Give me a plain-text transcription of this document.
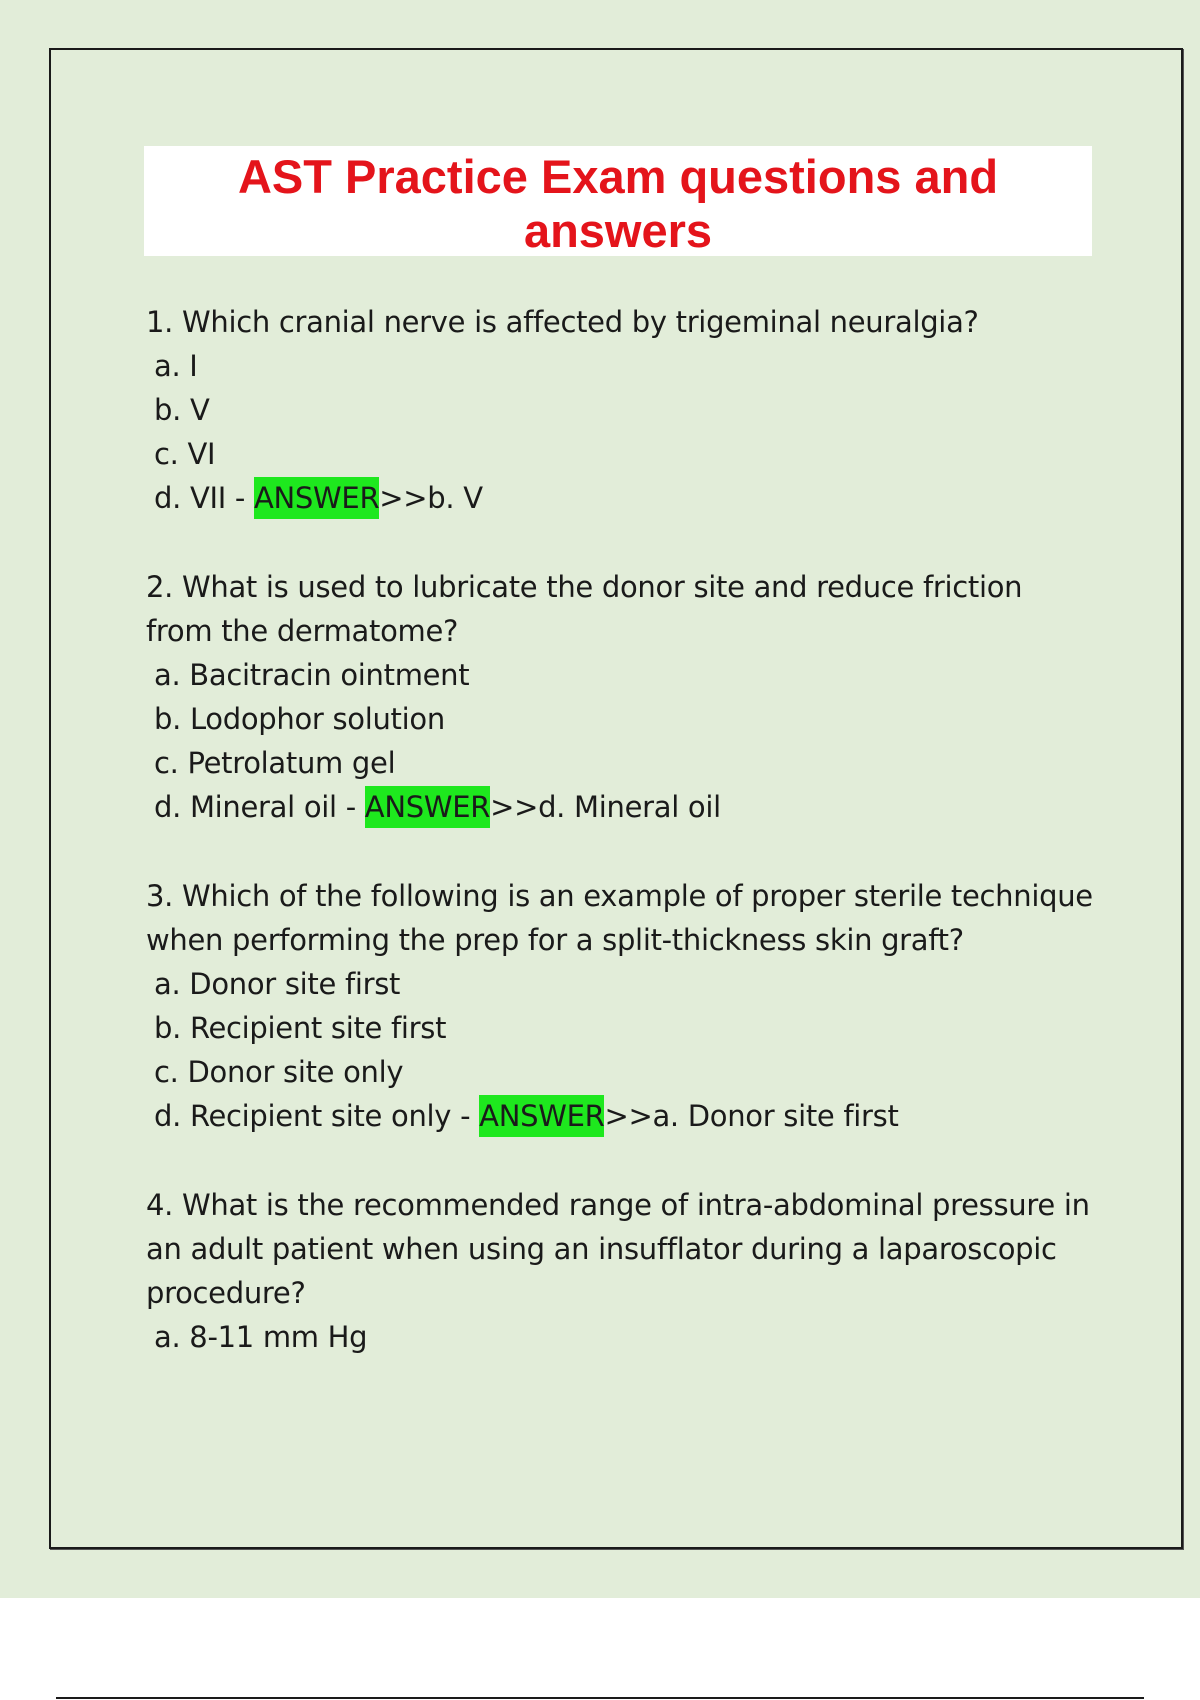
AST Practice Exam questions and answers

1. Which cranial nerve is affected by trigeminal neuralgia?

a. I

b. V

c. VI

d. VII - ANSWER>>b. V

2. What is used to lubricate the donor site and reduce friction from the dermatome?

a. Bacitracin ointment

b. Lodophor solution

c. Petrolatum gel

d. Mineral oil - ANSWER>>d. Mineral oil

3. Which of the following is an example of proper sterile technique when performing the prep for a split-thickness skin graft?

a. Donor site first

b. Recipient site first

c. Donor site only

d. Recipient site only - ANSWER>>a. Donor site first

4. What is the recommended range of intra-abdominal pressure in an adult patient when using an insufflator during a laparoscopic procedure?

a. 8-11 mm Hg
